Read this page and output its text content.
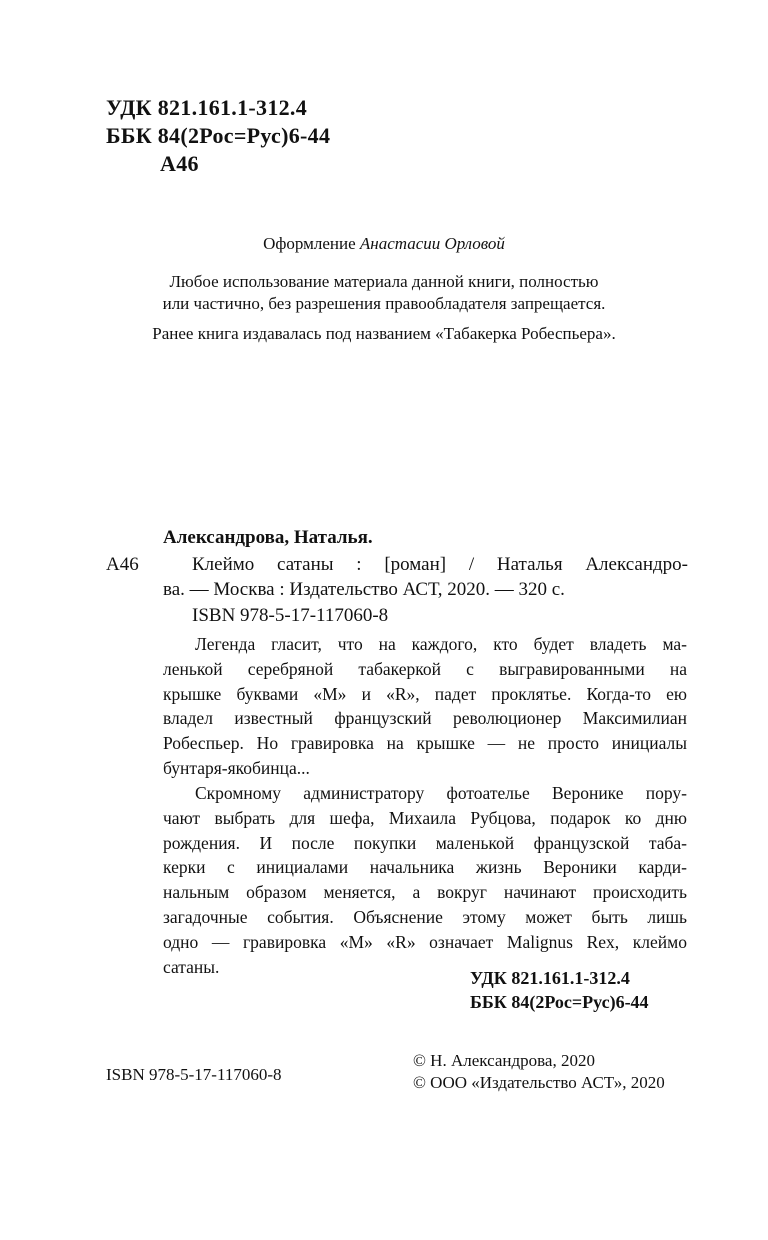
УДК 821.161.1-312.4
ББК 84(2Рос=Рус)6-44
А46
Оформление Анастасии Орловой
Любое использование материала данной книги, полностью
или частично, без разрешения правообладателя запрещается.
Ранее книга издавалась под названием «Табакерка Робеспьера».
Александрова, Наталья.
А46	Клеймо сатаны : [роман] / Наталья Александро-
ва. — Москва : Издательство АСТ, 2020. — 320 с.
ISBN 978-5-17-117060-8
Легенда гласит, что на каждого, кто будет владеть ма-
ленькой серебряной табакеркой с выгравированными на
крышке буквами «М» и «R», падет проклятье. Когда-то ею
владел известный французский революционер Максимилиан
Робеспьер. Но гравировка на крышке — не просто инициалы
бунтаря-якобинца...
Скромному администратору фотоателье Веронике пору-
чают выбрать для шефа, Михаила Рубцова, подарок ко дню
рождения. И после покупки маленькой французской таба-
керки с инициалами начальника жизнь Вероники карди-
нальным образом меняется, а вокруг начинают происходить
загадочные события. Объяснение этому может быть лишь
одно — гравировка «М» «R» означает Malignus Rex, клеймо
сатаны.
УДК 821.161.1-312.4
ББК 84(2Рос=Рус)6-44
ISBN 978-5-17-117060-8
© Н. Александрова, 2020
© ООО «Издательство АСТ», 2020
